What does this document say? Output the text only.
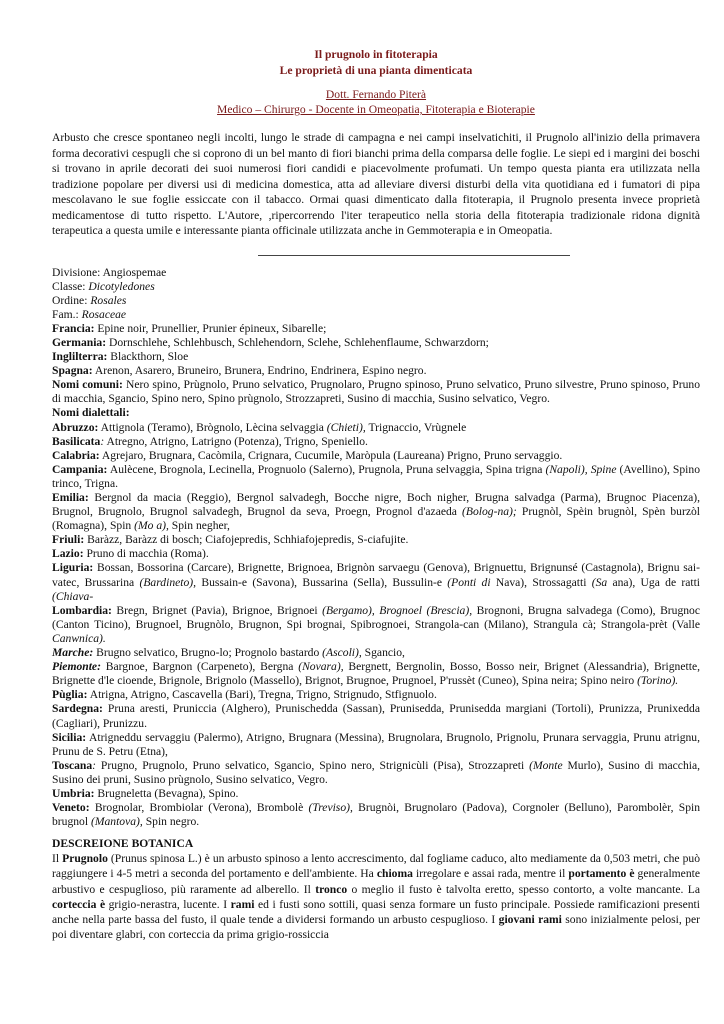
Il prugnolo in fitoterapia
Le proprietà di una pianta dimenticata
Dott. Fernando Piterà
Medico – Chirurgo - Docente in Omeopatia, Fitoterapia e Bioterapie
Arbusto che cresce spontaneo negli incolti, lungo le strade di campagna e nei campi inselvatichiti, il Prugnolo all'inizio della primavera forma decorativi cespugli che si coprono di un bel manto di fiori bianchi prima della comparsa delle foglie. Le siepi ed i margini dei boschi si trovano in aprile decorati dei suoi numerosi fiori candidi e piacevolmente profumati. Un tempo questa pianta era utilizzata nella tradizione popolare per diversi usi di medicina domestica, atta ad alleviare diversi disturbi della vita quotidiana ed i fumatori di pipa mescolavano le sue foglie essiccate con il tabacco. Ormai quasi dimenticato dalla fitoterapia, il Prugnolo presenta invece proprietà medicamentose di tutto rispetto. L'Autore, ,ripercorrendo l'iter terapeutico nella storia della fitoterapia tradizionale ridona dignità terapeutica a questa umile e interessante pianta officinale utilizzata anche in Gemmoterapia e in Omeopatia.
Divisione: Angiospemae
Classe: Dicotyledones
Ordine: Rosales
Fam.: Rosaceae
Francia: Epine noir, Prunellier, Prunier épineux, Sibarelle;
Germania: Dornschlehe, Schlehbusch, Schlehendorn, Sclehe, Schlehenflaume, Schwarzdorn;
Inglilterra: Blackthorn, Sloe
Spagna: Arenon, Asarero, Bruneiro, Brunera, Endrino, Endrinera, Espino negro.
Nomi comuni: Nero spino, Prùgnolo, Pruno selvatico, Prugnolaro, Prugno spinoso, Pruno selvatico, Pruno silvestre, Pruno spinoso, Pruno di macchia, Sgancio, Spino nero, Spino prùgnolo, Strozzapreti, Susino di macchia, Susino selvatico, Vegro.
Nomi dialettali:
Abruzzo: Attignola (Teramo), Brògnolo, Lècina selvaggia (Chieti), Trignaccio, Vrùgnele
Basilicata: Atregno, Atrigno, Latrigno (Potenza), Trigno, Speniello.
Calabria: Agrejaro, Brugnara, Cacòmila, Crignara, Cucumile, Maròpula (Laureana) Prigno, Pruno servaggio.
Campania: Aulècene, Brognola, Lecinella, Prognuolo (Salerno), Prugnola, Pruna selvaggia, Spina trigna (Napoli), Spine (Avellino), Spino trinco, Trigna.
Emilia: Bergnol da macia (Reggio), Bergnol salvadegh, Bocche nigre, Boch nigher, Brugna salvadga (Parma), Brugnoc Piacenza), Brugnol, Brugnolo, Brugnol salvadegh, Brugnol da seva, Proegn, Prognol d'azaeda (Bolog-na); Prugnòl, Spèin brugnòl, Spèn burzòl (Romagna), Spin (Mo a), Spin negher,
Friuli: Baràzz, Baràzz di bosch; Ciafojepredis, Schhiafojepredis, S-ciafujite.
Lazio: Pruno di macchia (Roma).
Liguria: Bossan, Bossorina (Carcare), Brignette, Brignoea, Brignòn sarvaegu (Genova), Brignuettu, Brignunsé (Castagnola), Brignu sai-vatec, Brussarina (Bardineto), Bussain-e (Savona), Bussarina (Sella), Bussulin-e (Ponti di Nava), Strossagatti (Sa ana), Uga de ratti (Chiava-
Lombardia: Bregn, Brignet (Pavia), Brignoe, Brignoei (Bergamo), Brognoel (Brescia), Brognoni, Brugna salvadega (Como), Brugnoc (Canton Ticino), Brugnoel, Brugnòlo, Brugnon, Spi brognai, Spibrognoei, Strangola-can (Milano), Strangula cà; Strangola-prèt (Valle Canwnica).
Marche: Brugno selvatico, Brugno-lo; Prognolo bastardo (Ascoli), Sgancio,
Piemonte: Bargnoe, Bargnon (Carpeneto), Bergna (Novara), Bergnett, Bergnolin, Bosso, Bosso neir, Brignet (Alessandria), Brignette, Brignette d'le cioende, Brignole, Brignolo (Massello), Brignot, Brugnoe, Prugnoel, P'russèt (Cuneo), Spina neira; Spino neiro (Torino).
Pùglia: Atrigna, Atrigno, Cascavella (Bari), Tregna, Trigno, Strignudo, Stfignuolo.
Sardegna: Pruna aresti, Pruniccia (Alghero), Prunischedda (Sassan), Prunisedda, Prunisedda margiani (Tortoli), Prunizza, Prunixedda (Cagliari), Prunizzu.
Sicilia: Atrigneddu servaggiu (Palermo), Atrigno, Brugnara (Messina), Brugnolara, Brugnolo, Prignolu, Prunara servaggia, Prunu atrignu, Prunu de S. Petru (Etna),
Toscana: Prugno, Prugnolo, Pruno selvatico, Sgancio, Spino nero, Strignicùli (Pisa), Strozzapreti (Monte Murlo), Susino di macchia, Susino dei pruni, Susino prùgnolo, Susino selvatico, Vegro.
Umbria: Brugneletta (Bevagna), Spino.
Veneto: Brognolar, Brombiolar (Verona), Brombolè (Treviso), Brugnòi, Brugnolaro (Padova), Corgnoler (Belluno), Parombolèr, Spin brugnol (Mantova), Spin negro.
DESCREIONE BOTANICA
Il Prugnolo (Prunus spinosa L.) è un arbusto spinoso a lento accrescimento, dal fogliame caduco, alto mediamente da 0,503 metri, che può raggiungere i 4-5 metri a seconda del portamento e dell'ambiente. Ha chioma irregolare e assai rada, mentre il portamento è generalmente arbustivo e cespuglioso, più raramente ad alberello. Il tronco o meglio il fusto è talvolta eretto, spesso contorto, a volte mancante. La corteccia è grigio-nerastra, lucente. I rami ed i fusti sono sottili, quasi senza formare un fusto principale. Possiede ramificazioni presenti anche nella parte bassa del fusto, il quale tende a dividersi formando un arbusto cespuglioso. I giovani rami sono inizialmente pelosi, per poi diventare glabri, con corteccia da prima grigio-rossiccia
